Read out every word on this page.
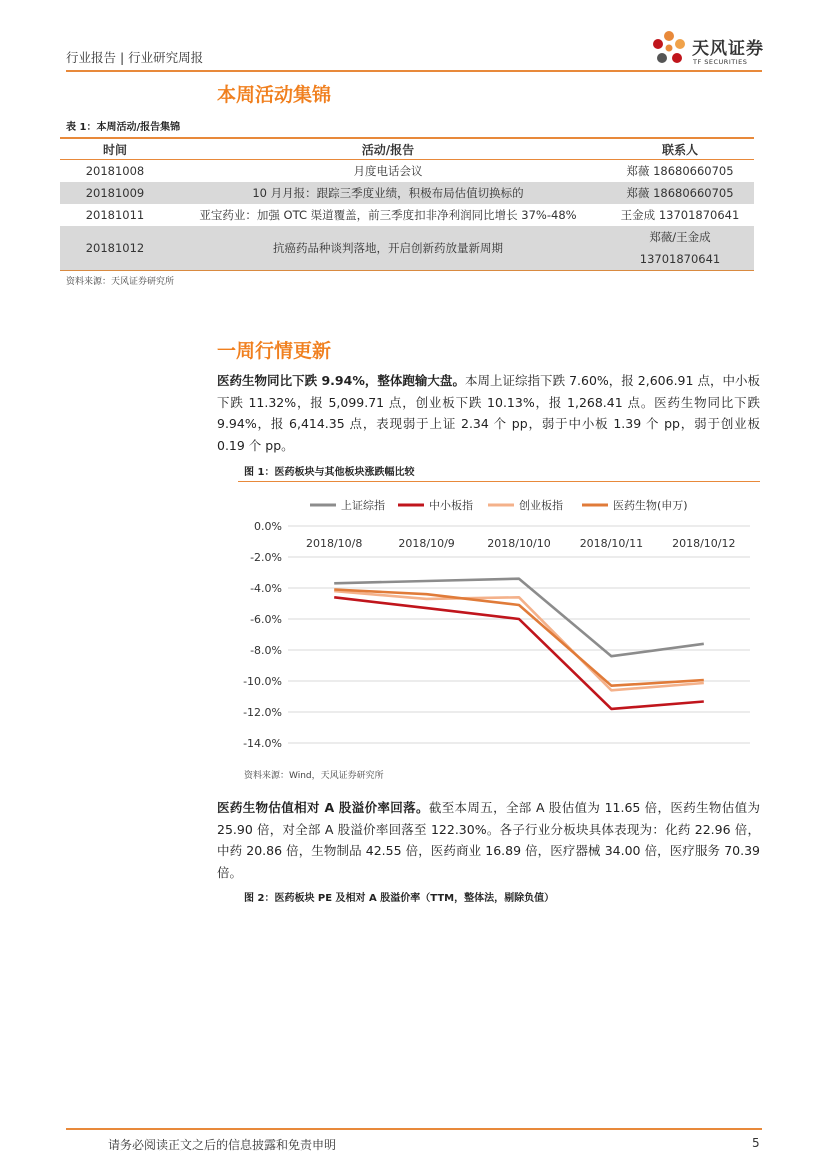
行业报告 | 行业研究周报	天风证券
TF SECURITIES
本周活动集锦
表 1：本周活动/报告集锦
时间	活动/报告	联系人
20181008	月度电话会议	郑薇 18680660705
20181009	10 月月报：跟踪三季度业绩，积极布局估值切换标的	郑薇 18680660705
20181011	亚宝药业：加强 OTC 渠道覆盖，前三季度扣非净利润同比增长 37%-48%	王金成 13701870641
20181012	抗癌药品种谈判落地，开启创新药放量新周期	郑薇/王金成
13701870641
资料来源：天风证券研究所
一周行情更新
医药生物同比下跌 9.94%，整体跑输大盘。本周上证综指下跌 7.60%，报 2,606.91 点，中小板下跌 11.32%，报 5,099.71 点，创业板下跌 10.13%，报 1,268.41 点。医药生物同比下跌 9.94%，报 6,414.35 点，表现弱于上证 2.34 个 pp，弱于中小板 1.39 个 pp，弱于创业板 0.19 个 pp。
图 1：医药板块与其他板块涨跌幅比较
0.0%
-2.0%
-4.0%
-6.0%
-8.0%
-10.0%
-12.0%
-14.0%
2018/10/8	2018/10/9	2018/10/10	2018/10/11	2018/10/12
上证综指	中小板指	创业板指	医药生物(申万)
资料来源：Wind，天风证券研究所
医药生物估值相对 A 股溢价率回落。截至本周五，全部 A 股估值为 11.65 倍，医药生物估值为 25.90 倍，对全部 A 股溢价率回落至 122.30%。各子行业分板块具体表现为：化药 22.96 倍，中药 20.86 倍，生物制品 42.55 倍，医药商业 16.89 倍，医疗器械 34.00 倍，医疗服务 70.39 倍。
图 2：医药板块 PE 及相对 A 股溢价率（TTM，整体法，剔除负值）
请务必阅读正文之后的信息披露和免责申明	5
